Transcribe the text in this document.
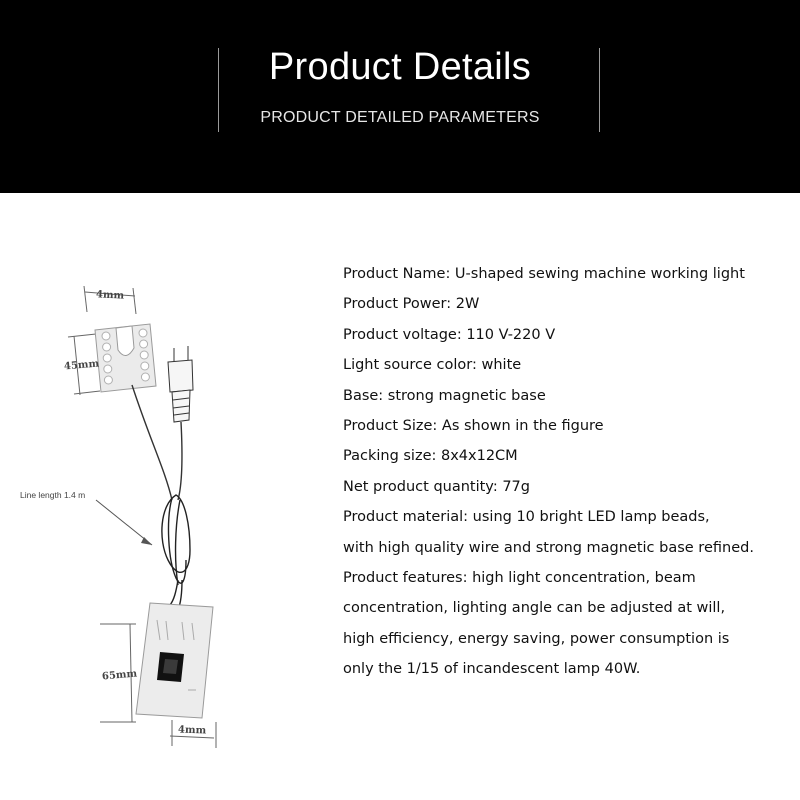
Product Details
PRODUCT DETAILED PARAMETERS
4mm
45mm
Line length 1.4 m
65mm
4mm
Product Name: U-shaped sewing machine working light
Product Power: 2W
Product voltage: 110 V-220 V
Light source color: white
Base: strong magnetic base
Product Size: As shown in the figure
Packing size: 8x4x12CM
Net product quantity: 77g
Product material: using 10 bright LED lamp beads,
with high quality wire and strong magnetic base refined.
Product features: high light concentration, beam
concentration, lighting angle can be adjusted at will,
high efficiency, energy saving, power consumption is
only the 1/15 of incandescent lamp 40W.
